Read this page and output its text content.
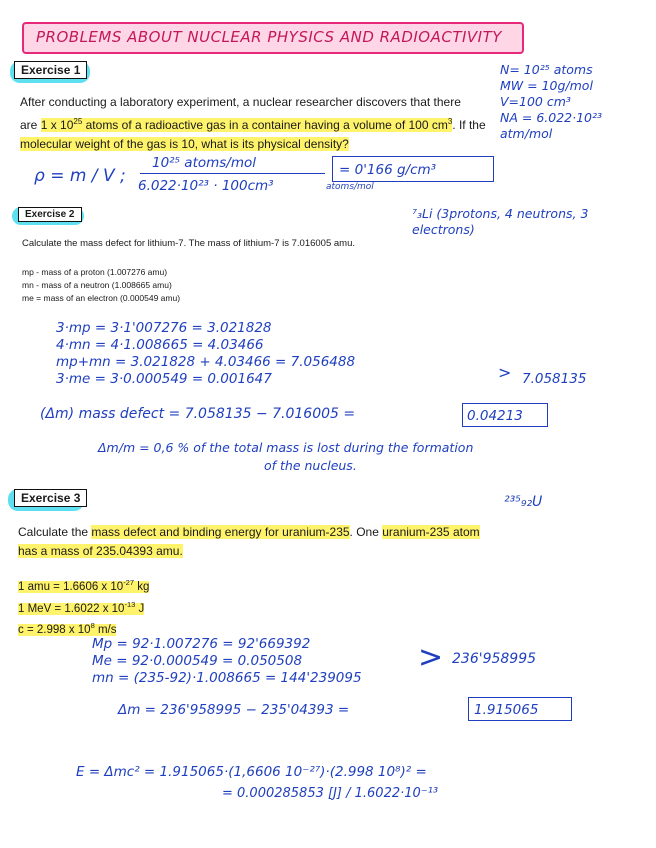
PROBLEMS ABOUT NUCLEAR PHYSICS AND RADIOACTIVITY
Exercise 1	N= 10²⁵ atoms
MW = 10g/mol
V=100 cm³
NA = 6.022·10²³ atm/mol
After conducting a laboratory experiment, a nuclear researcher discovers that there
are 1 x $10^{25}$ atoms of a radioactive gas in a container having a volume of 100 $cm^3$. If the
molecular weight of the gas is 10, what is its physical density?
ρ = m / V ;
10²⁵ atoms/mol
6.022·10²³ · 100cm³	atoms/mol
= 0'166 g/cm³
Exercise 2	⁷₃Li (3protons, 4 neutrons, 3 electrons)
Calculate the mass defect for lithium-7. The mass of lithium-7 is 7.016005 amu.
mp - mass of a proton (1.007276 amu)
mn - mass of a neutron (1.008665 amu)
me = mass of an electron (0.000549 amu)
3·mp = 3·1'007276 = 3.021828
4·mn = 4·1.008665 = 4.03466
mp+mn = 3.021828 + 4.03466 = 7.056488
3·me = 3·0.000549 = 0.001647	> 7.058135
(Δm) mass defect = 7.058135 − 7.016005 =	0.04213
Δm/m = 0,6 % of the total mass is lost during the formation
of the nucleus.
Exercise 3	²³⁵₉₂U
Calculate the mass defect and binding energy for uranium-235. One uranium-235 atom
has a mass of 235.04393 amu.
1 amu = 1.6606 x $10^{-27}$ kg
1 MeV = 1.6022 x $10^{-13}$ J
c = 2.998 x $10^8$ m/s
Mp = 92·1.007276 = 92'669392
Me = 92·0.000549 = 0.050508
mn = (235-92)·1.008665 = 144'239095
> 236'958995
Δm = 236'958995 − 235'04393 =	1.915065
E = Δmc² = 1.915065·(1,6606 10⁻²⁷)·(2.998 10⁸)² =
= 0.000285853 [J] / 1.6022·10⁻¹³
